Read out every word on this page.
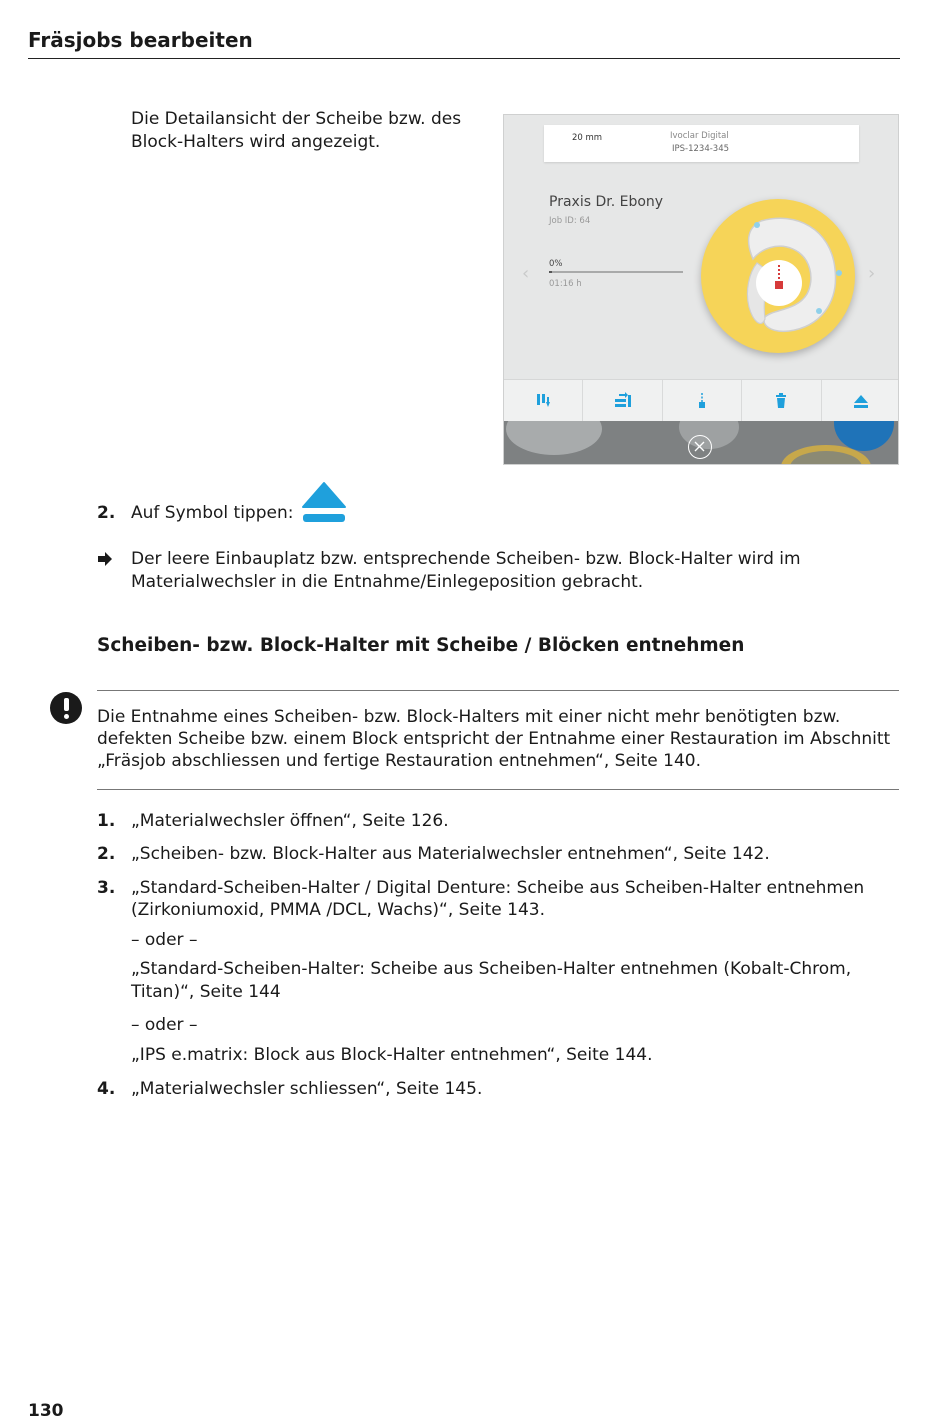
Fräsjobs bearbeiten
Die Detailansicht der Scheibe bzw. des
Block-Halters wird angezeigt.	20 mm	Ivoclar Digital
IPS-1234-345
Praxis Dr. Ebony
Job ID: 64
0%
01:16 h
‹	›
2. Auf Symbol tippen:
Der leere Einbauplatz bzw. entsprechende Scheiben- bzw. Block-Halter wird im
Materialwechsler in die Entnahme/Einlegeposition gebracht.
Scheiben- bzw. Block-Halter mit Scheibe / Blöcken entnehmen
Die Entnahme eines Scheiben- bzw. Block-Halters mit einer nicht mehr benötigten bzw.
defekten Scheibe bzw. einem Block entspricht der Entnahme einer Restauration im Abschnitt
„Fräsjob abschliessen und fertige Restauration entnehmen“, Seite 140.
1. „Materialwechsler öffnen“, Seite 126.
2. „Scheiben- bzw. Block-Halter aus Materialwechsler entnehmen“, Seite 142.
3. „Standard-Scheiben-Halter / Digital Denture: Scheibe aus Scheiben-Halter entnehmen
(Zirkoniumoxid, PMMA /DCL, Wachs)“, Seite 143.
– oder –
„Standard-Scheiben-Halter: Scheibe aus Scheiben-Halter entnehmen (Kobalt-Chrom,
Titan)“, Seite 144
– oder –
„IPS e.matrix: Block aus Block-Halter entnehmen“, Seite 144.
4. „Materialwechsler schliessen“, Seite 145.
130
